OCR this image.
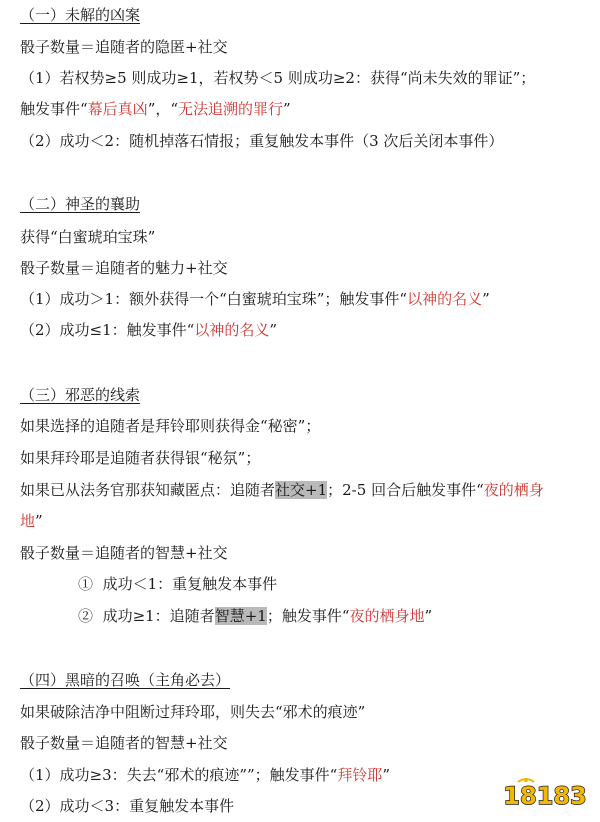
（一）未解的凶案
骰子数量＝追随者的隐匿+社交
（1）若权势≥5 则成功≥1，若权势＜5 则成功≥2：获得“尚未失效的罪证”；
触发事件“幕后真凶”，“无法追溯的罪行”
（2）成功＜2：随机掉落石情报；重复触发本事件（3 次后关闭本事件）
（二）神圣的襄助
获得“白蜜琥珀宝珠”
骰子数量＝追随者的魅力+社交
（1）成功＞1：额外获得一个“白蜜琥珀宝珠”；触发事件“以神的名义”
（2）成功≤1：触发事件“以神的名义”
（三）邪恶的线索
如果选择的追随者是拜铃耶则获得金“秘密”；
如果拜玲耶是追随者获得银“秘氛”；
如果已从法务官那获知藏匿点：追随者社交+1；2-5 回合后触发事件“夜的栖身
地”
骰子数量＝追随者的智慧+社交
① 成功＜1：重复触发本事件
② 成功≥1：追随者智慧+1；触发事件“夜的栖身地”
（四）黑暗的召唤（主角必去）
如果破除洁净中阻断过拜玲耶，则失去“邪术的痕迹”
骰子数量＝追随者的智慧+社交
（1）成功≥3：失去“邪术的痕迹””；触发事件“拜铃耶”
（2）成功＜3：重复触发本事件	18183
